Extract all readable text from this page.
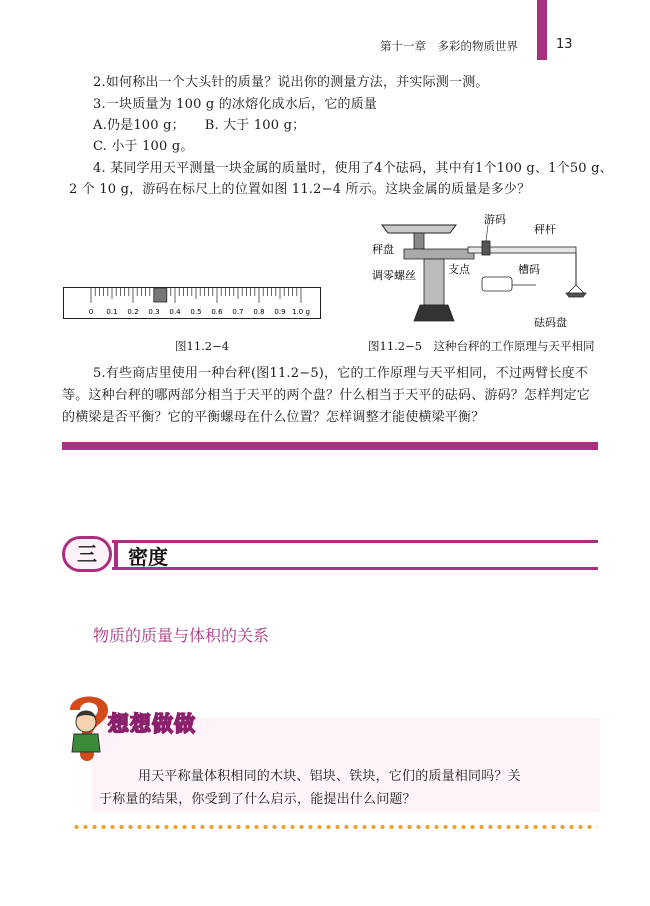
第十一章　多彩的物质世界	13
2.如何称出一个大头针的质量？说出你的测量方法，并实际测一测。
3.一块质量为 100 g 的冰熔化成水后，它的质量
A.仍是100 g；　　B. 大于 100 g；
C. 小于 100 g。
4. 某同学用天平测量一块金属的质量时，使用了4个砝码，其中有1个100 g、1个50 g、
2 个 10 g，游码在标尺上的位置如图 11.2−4 所示。这块金属的质量是多少？
0 0.1 0.2 0.3 0.4 0.5 0.6 0.7 0.8 0.9 1.0 g
图11.2−4
游码
秤杆
秤盘
调零螺丝	支点	槽码
砝码盘
图11.2−5　这种台秤的工作原理与天平相同
5.有些商店里使用一种台秤(图11.2−5)，它的工作原理与天平相同，不过两臂长度不
等。这种台秤的哪两部分相当于天平的两个盘？什么相当于天平的砝码、游码？怎样判定它
的横梁是否平衡？它的平衡螺母在什么位置？怎样调整才能使横梁平衡？
三	密度
物质的质量与体积的关系
想想做做
用天平称量体积相同的木块、铝块、铁块，它们的质量相同吗？关
于称量的结果，你受到了什么启示，能提出什么问题？
